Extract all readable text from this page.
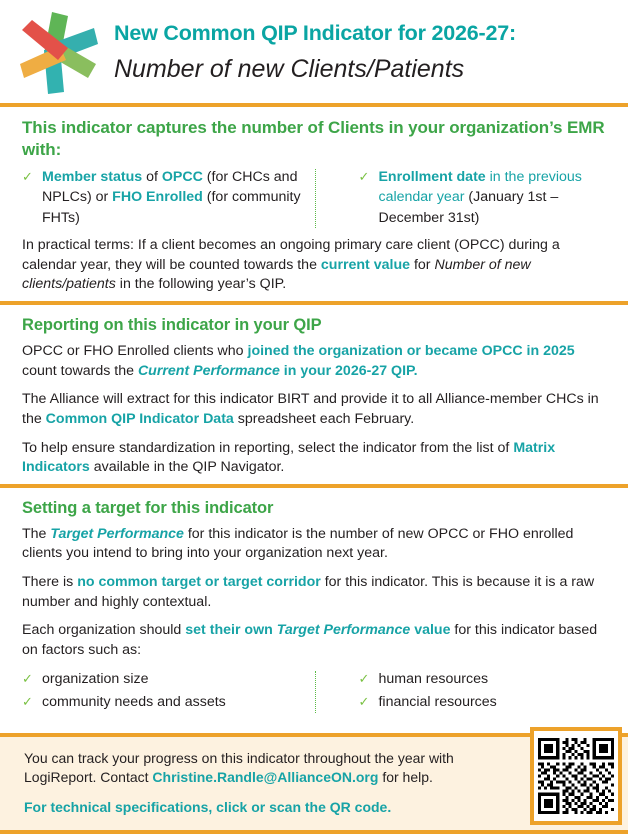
New Common QIP Indicator for 2026-27:
Number of new Clients/Patients
This indicator captures the number of Clients in your organization’s EMR with:
✓ Member status of OPCC (for CHCs and NPLCs) or FHO Enrolled (for community FHTs)
✓ Enrollment date in the previous calendar year (January 1st – December 31st)

In practical terms: If a client becomes an ongoing primary care client (OPCC) during a calendar year, they will be counted towards the current value for Number of new clients/patients in the following year’s QIP.

Reporting on this indicator in your QIP

OPCC or FHO Enrolled clients who joined the organization or became OPCC in 2025 count towards the Current Performance in your 2026-27 QIP.

The Alliance will extract for this indicator BIRT and provide it to all Alliance-member CHCs in the Common QIP Indicator Data spreadsheet each February.

To help ensure standardization in reporting, select the indicator from the list of Matrix Indicators available in the QIP Navigator.

Setting a target for this indicator

The Target Performance for this indicator is the number of new OPCC or FHO enrolled clients you intend to bring into your organization next year.

There is no common target or target corridor for this indicator. This is because it is a raw number and highly contextual.

Each organization should set their own Target Performance value for this indicator based on factors such as:

✓ organization size
✓ community needs and assets
✓ human resources
✓ financial resources

You can track your progress on this indicator throughout the year with LogiReport. Contact Christine.Randle@AllianceON.org for help.

For technical specifications, click or scan the QR code.
